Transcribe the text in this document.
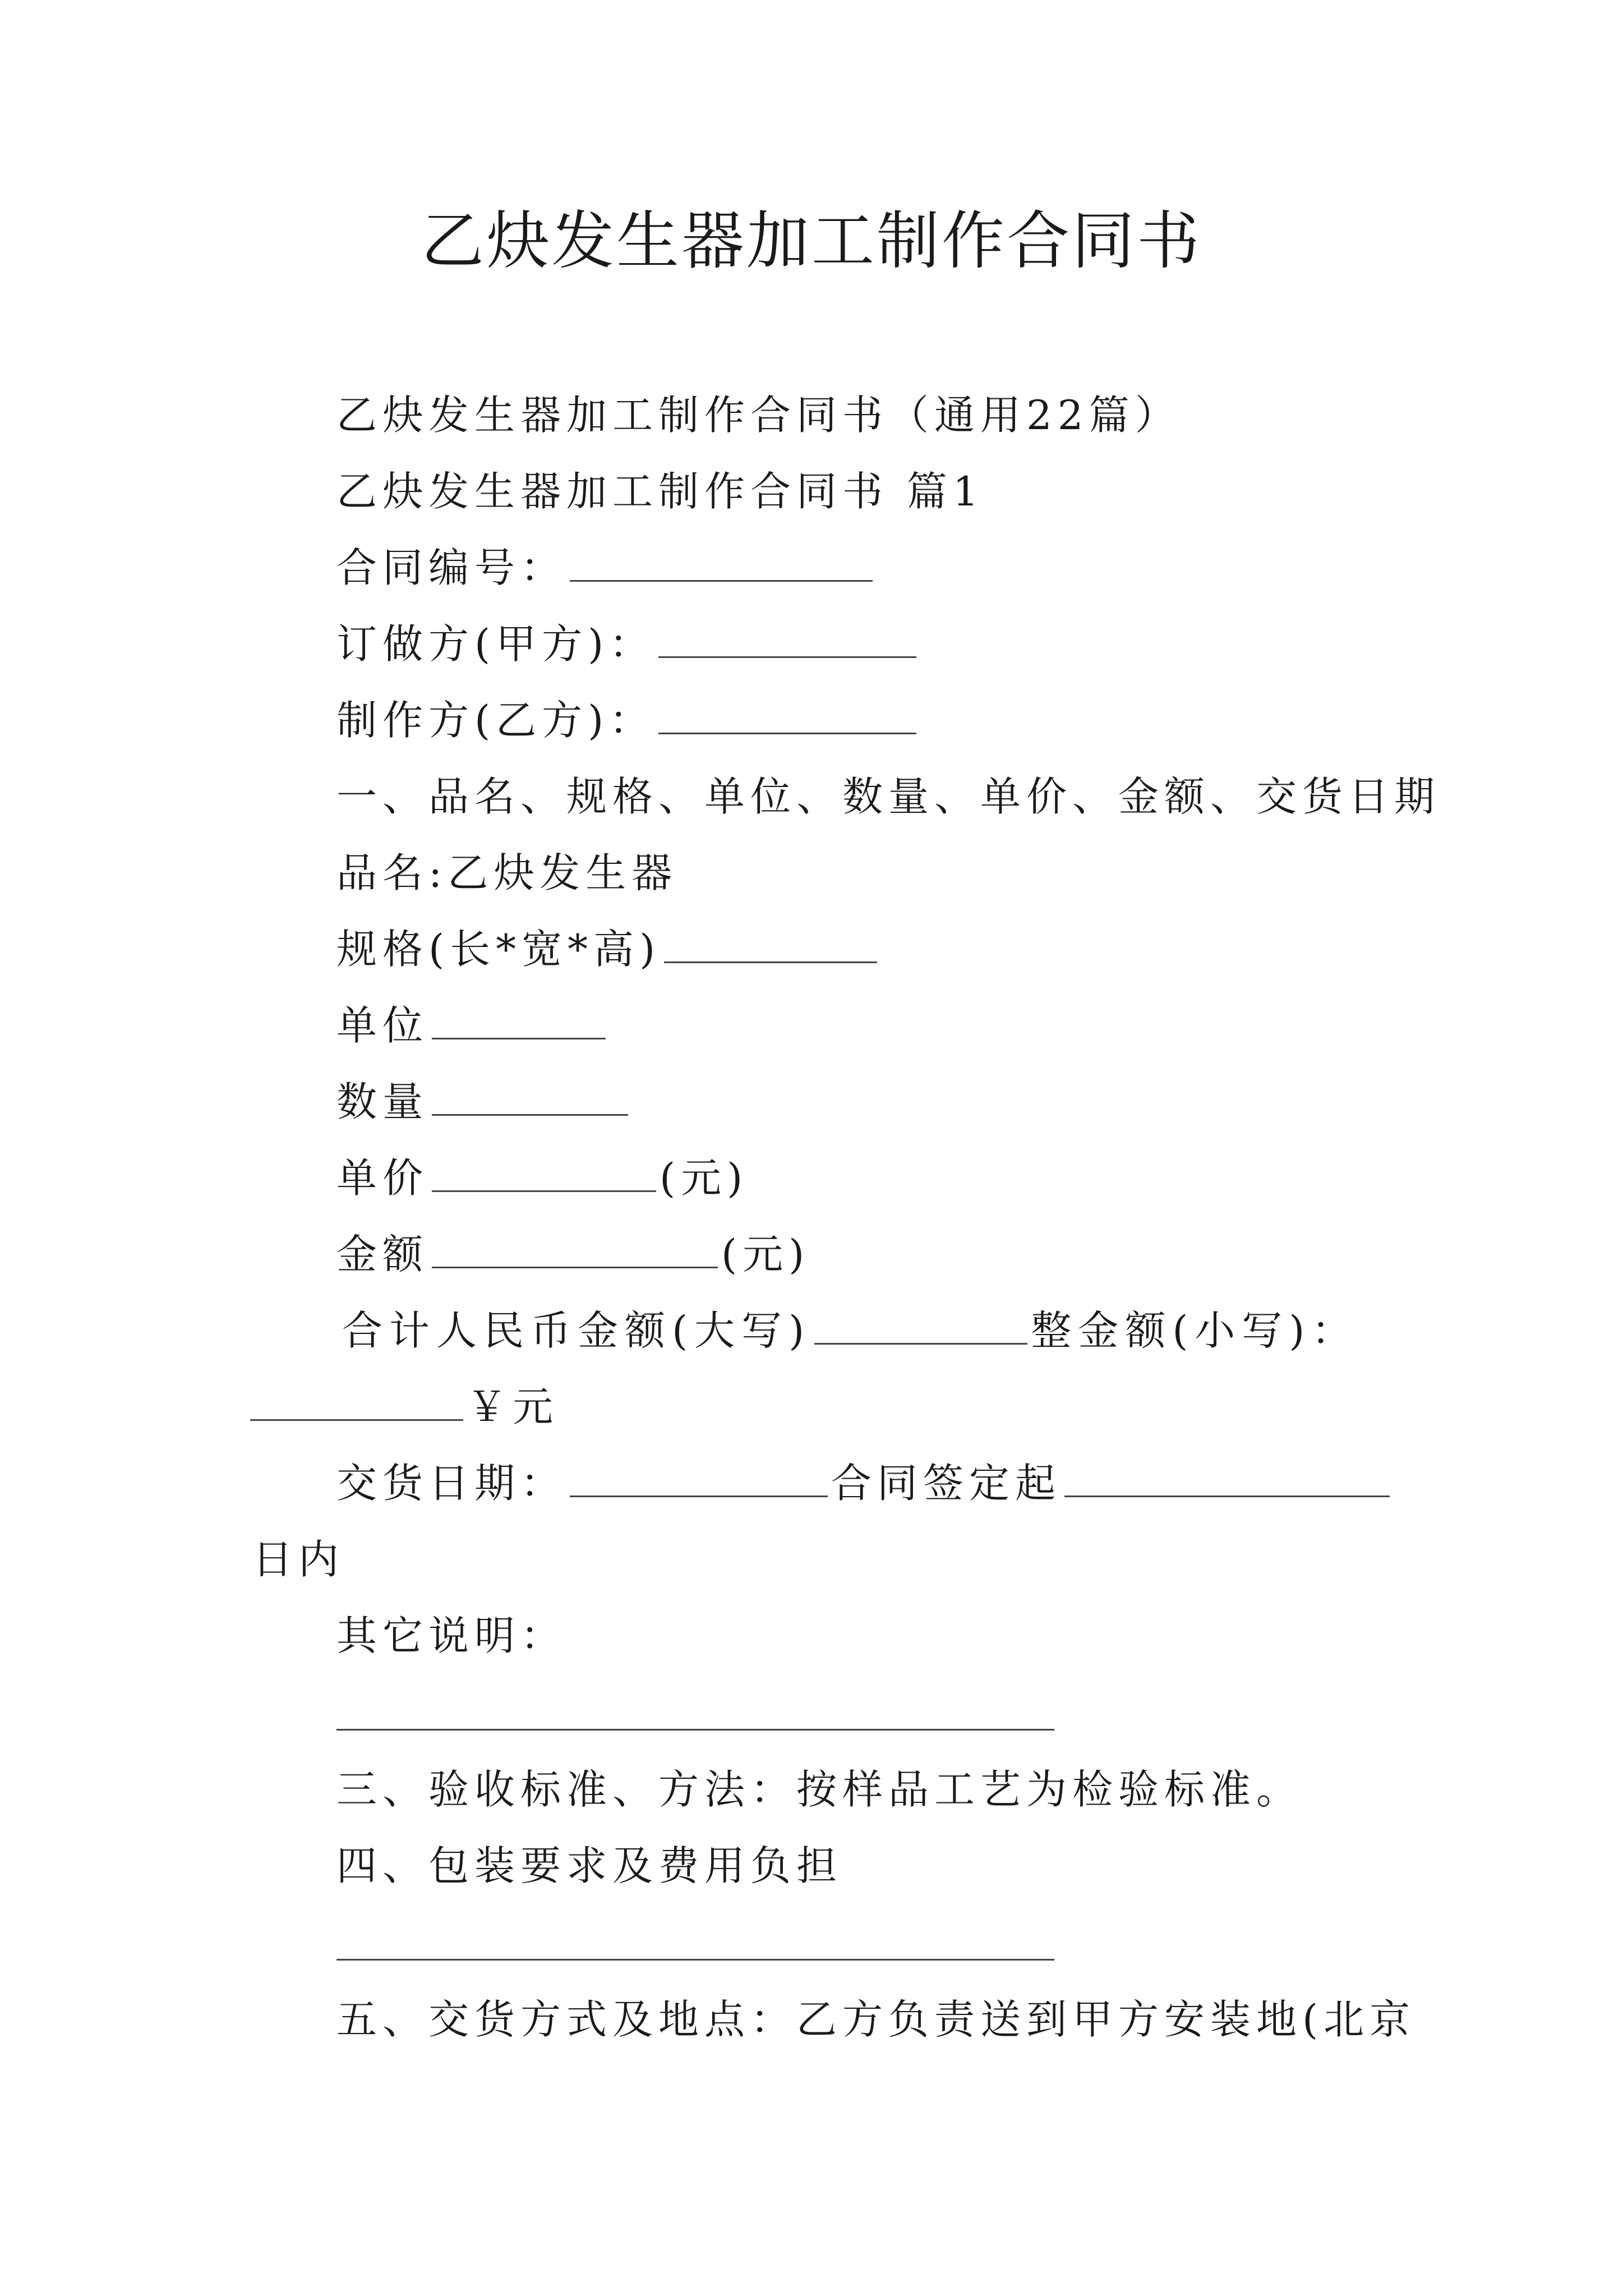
乙炔发生器加工制作合同书
乙炔发生器加工制作合同书（通用22篇）
乙炔发生器加工制作合同书 篇1
合同编号：
订做方(甲方)：
制作方(乙方)：
一、品名、规格、单位、数量、单价、金额、交货日期
品名:乙炔发生器
规格(长*宽*高)
单位
数量
单价	(元)
金额	(元)
合计人民币金额(大写)	整金额(小写)：
￥元
交货日期：	合同签定起
日内
其它说明：
三、验收标准、方法：按样品工艺为检验标准。
四、包装要求及费用负担
五、交货方式及地点：乙方负责送到甲方安装地(北京
